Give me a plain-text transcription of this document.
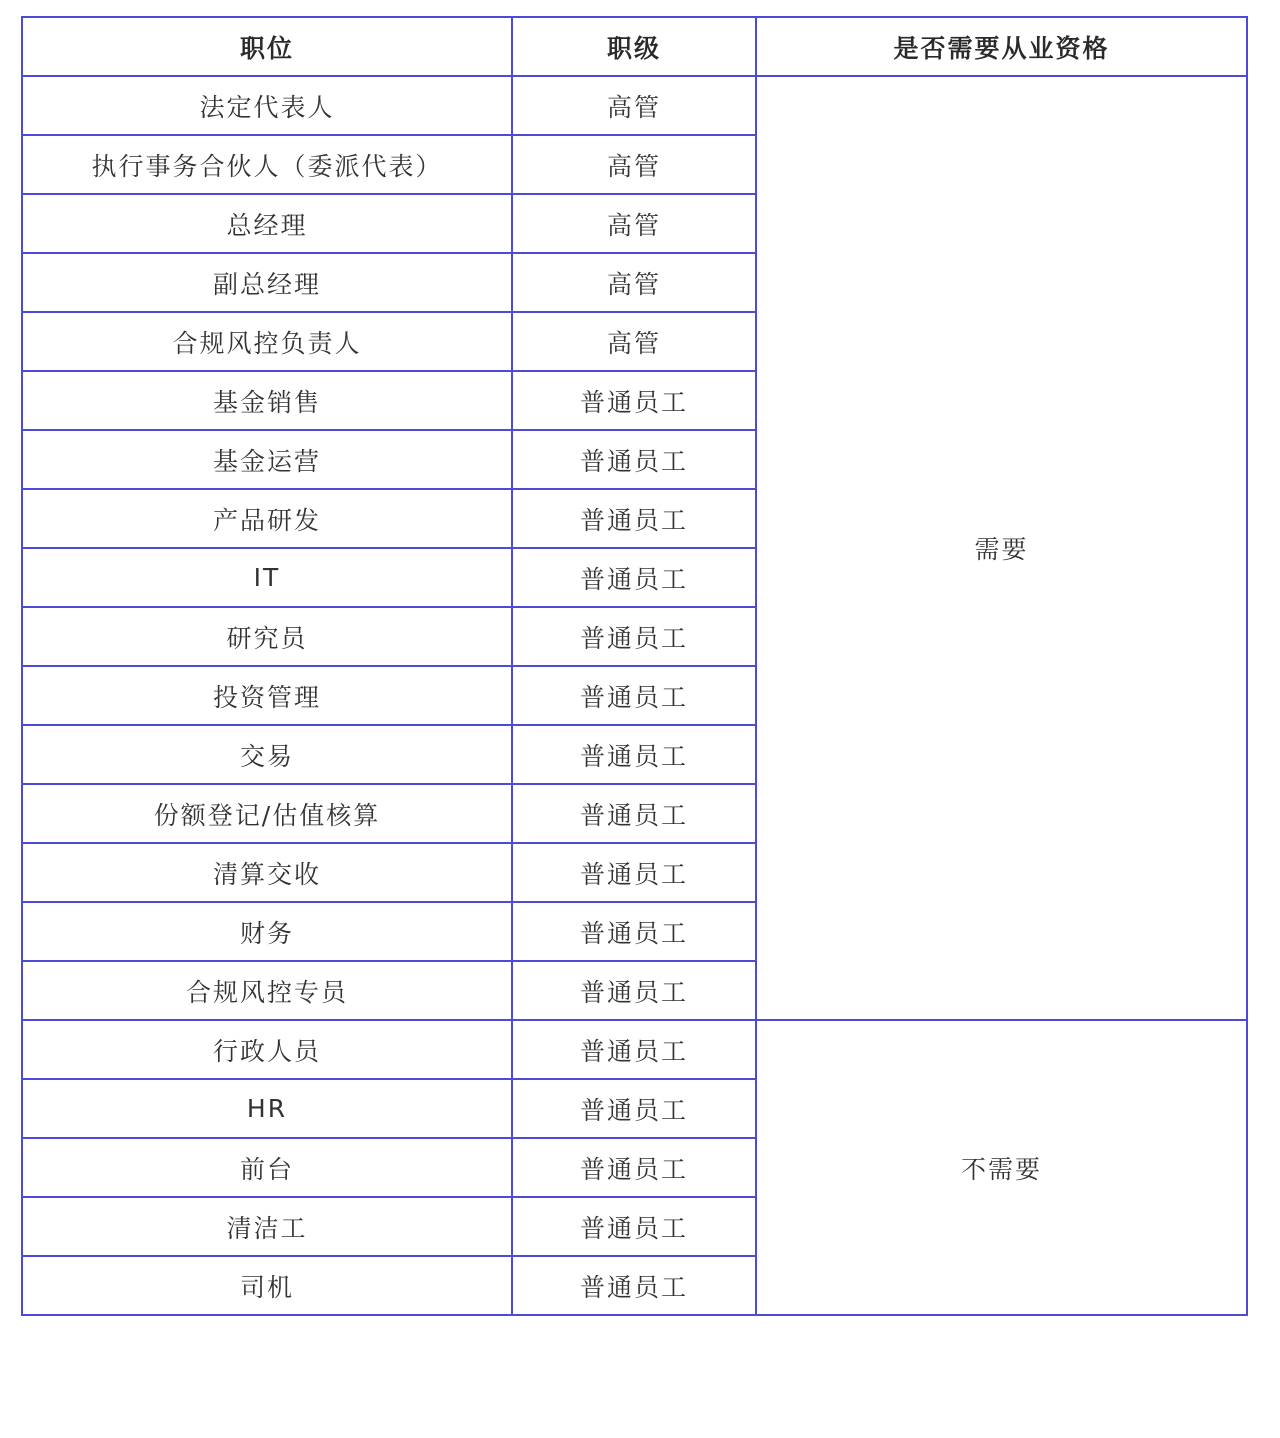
职位	职级	是否需要从业资格
法定代表人	高管	需要
执行事务合伙人（委派代表）	高管	
总经理	高管	
副总经理	高管	
合规风控负责人	高管	
基金销售	普通员工	
基金运营	普通员工	
产品研发	普通员工	
IT	普通员工	
研究员	普通员工	
投资管理	普通员工	
交易	普通员工	
份额登记/估值核算	普通员工	
清算交收	普通员工	
财务	普通员工	
合规风控专员	普通员工	
行政人员	普通员工	不需要
HR	普通员工	
前台	普通员工	
清洁工	普通员工	
司机	普通员工	
